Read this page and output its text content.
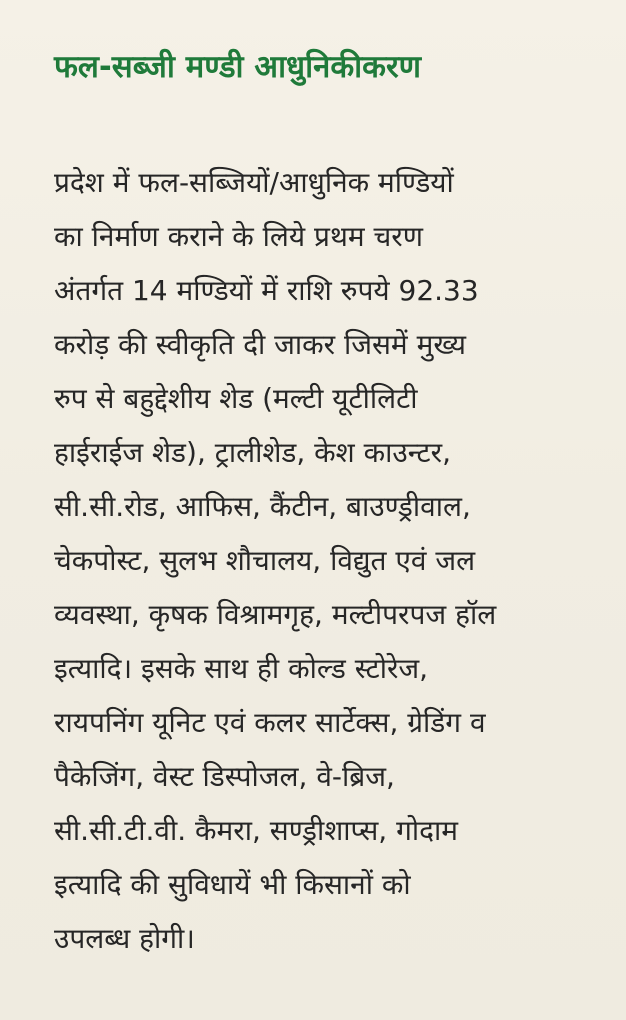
फल-सब्जी मण्डी आधुनिकीकरण
प्रदेश में फल-सब्जियों/आधुनिक मण्डियों
का निर्माण कराने के लिये प्रथम चरण
अंतर्गत 14 मण्डियों में राशि रुपये 92.33
करोड़ की स्वीकृति दी जाकर जिसमें मुख्य
रुप से बहुद्देशीय शेड (मल्टी यूटीलिटी
हाईराईज शेड), ट्रालीशेड, केश काउन्टर,
सी.सी.रोड, आफिस, कैंटीन, बाउण्ड्रीवाल,
चेकपोस्ट, सुलभ शौचालय, विद्युत एवं जल
व्यवस्था, कृषक विश्रामगृह, मल्टीपरपज हॉल
इत्यादि। इसके साथ ही कोल्ड स्टोरेज,
रायपनिंग यूनिट एवं कलर सार्टेक्स, ग्रेडिंग व
पैकेजिंग, वेस्ट डिस्पोजल, वे-ब्रिज,
सी.सी.टी.वी. कैमरा, सण्ड्रीशाप्स, गोदाम
इत्यादि की सुविधायें भी किसानों को
उपलब्ध होगी।
